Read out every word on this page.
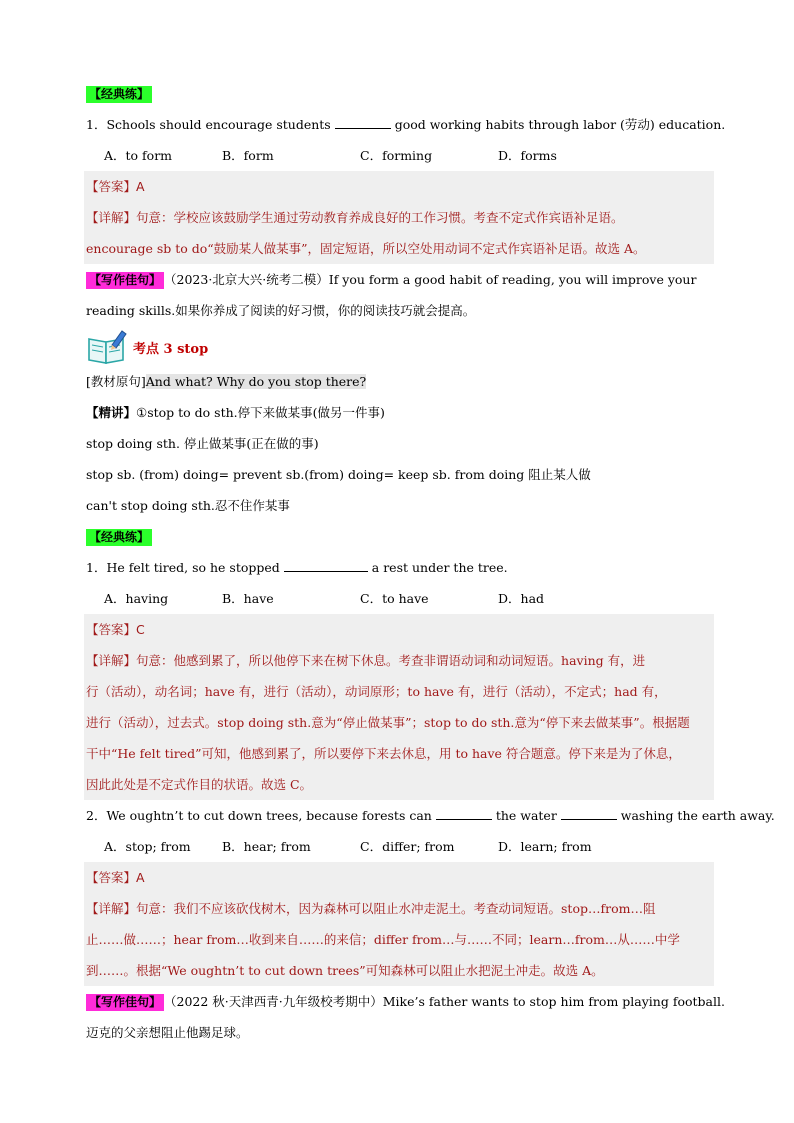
【经典练】
1．Schools should encourage students	good working habits through labor (劳动) education.
A．to form	B．form	C．forming	D．forms
【答案】A
【详解】句意：学校应该鼓励学生通过劳动教育养成良好的工作习惯。考查不定式作宾语补足语。
encourage sb to do“鼓励某人做某事”，固定短语，所以空处用动词不定式作宾语补足语。故选 A。
【写作佳句】 （2023·北京大兴·统考二模）If you form a good habit of reading, you will improve your
reading skills.如果你养成了阅读的好习惯，你的阅读技巧就会提高。
考点 3 stop
[教材原句]And what? Why do you stop there?
【精讲】①stop to do sth.停下来做某事(做另一件事)
stop doing sth. 停止做某事(正在做的事)
stop sb. (from) doing= prevent sb.(from) doing= keep sb. from doing 阻止某人做
can't stop doing sth.忍不住作某事
【经典练】
1．He felt tired, so he stopped	a rest under the tree.
A．having	B．have	C．to have	D．had
【答案】C
【详解】句意：他感到累了，所以他停下来在树下休息。考查非谓语动词和动词短语。having 有，进
行（活动），动名词；have 有，进行（活动），动词原形；to have 有，进行（活动），不定式；had 有，
进行（活动），过去式。stop doing sth.意为“停止做某事”；stop to do sth.意为“停下来去做某事”。根据题
干中“He felt tired”可知，他感到累了，所以要停下来去休息，用 to have 符合题意。停下来是为了休息，
因此此处是不定式作目的状语。故选 C。
2．We oughtn’t to cut down trees, because forests can	the water	washing the earth away.
A．stop; from	B．hear; from	C．differ; from	D．learn; from
【答案】A
【详解】句意：我们不应该砍伐树木，因为森林可以阻止水冲走泥土。考查动词短语。stop…from…阻
止……做……；hear from…收到来自……的来信；differ from…与……不同；learn…from…从……中学
到……。根据“We oughtn’t to cut down trees”可知森林可以阻止水把泥土冲走。故选 A。
【写作佳句】 （2022 秋·天津西青·九年级校考期中）Mike’s father wants to stop him from playing football.
迈克的父亲想阻止他踢足球。
